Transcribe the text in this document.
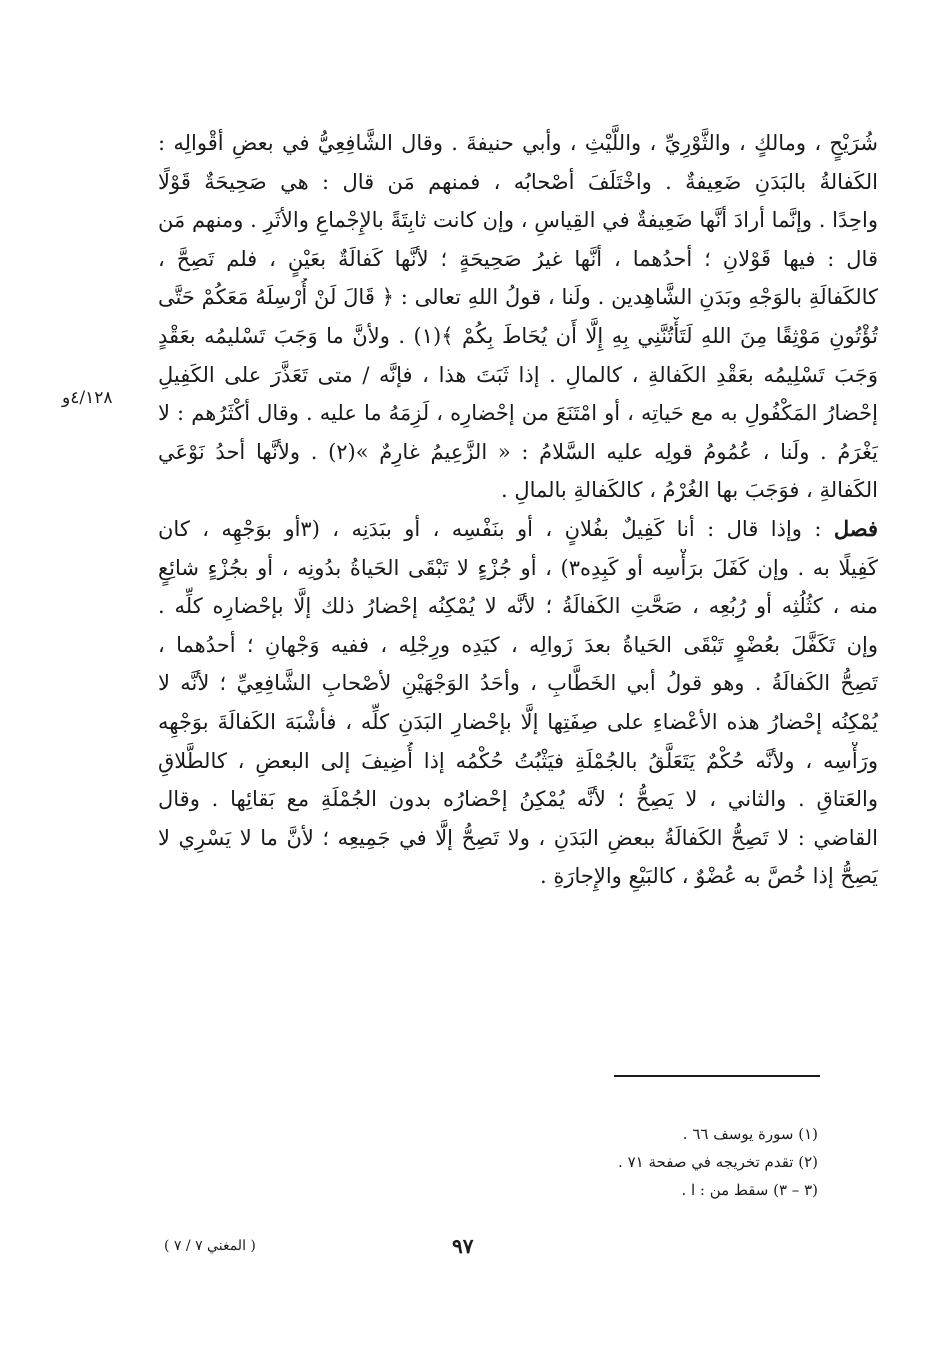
شُرَيْحٍ ، ومالكٍ ، والثَّوْرِيِّ ، واللَّيْثِ ، وأبي حنيفةَ . وقال الشَّافِعِيُّ في بعضِ أقْوالِه :
الكَفالةُ بالبَدَنِ ضَعِيفةٌ . واخْتَلَفَ أصْحابُه ، فمنهم مَن قال : هي صَحِيحَةٌ قَوْلًا
واحِدًا . وإنَّما أرادَ أنَّها ضَعِيفةٌ في القِياسِ ، وإن كانت ثابِتَةً بالإِجْماعِ والأثَرِ . ومنهم مَن
قال : فيها قَوْلانِ ؛ أحدُهما ، أنَّها غيرُ صَحِيحَةٍ ؛ لأنَّها كَفالَةٌ بعَيْنٍ ، فلم تَصِحَّ ،
كالكَفالَةِ بالوَجْهِ وبَدَنِ الشَّاهِدين . ولَنا ، قولُ اللهِ تعالى : ﴿ قَالَ لَنْ أُرْسِلَهُ مَعَكُمْ حَتَّى
تُؤْتُونِ مَوْثِقًا مِنَ اللهِ لَتَأْتُنَّنِي بِهِ إِلَّا أَن يُحَاطَ بِكُمْ ﴾(١) . ولأنَّ ما وَجَبَ تَسْليمُه بعَقْدٍ
وَجَبَ تَسْلِيمُه بعَقْدِ الكَفالةِ ، كالمالِ . إذا ثَبَتَ هذا ، فإنَّه / متى تَعَذَّرَ على الكَفِيلِ
إحْضارُ المَكْفُولِ به مع حَياتِه ، أو امْتَنَعَ من إحْضارِه ، لَزِمَهُ ما عليه . وقال أكْثَرُهم : لا
يَغْرَمُ . ولَنا ، عُمُومُ قولِه عليه السَّلامُ : « الزَّعِيمُ غارِمٌ »(٢) . ولأنَّها أحدُ نَوْعَي
الكَفالةِ ، فوَجَبَ بها الغُرْمُ ، كالكَفالةِ بالمالِ .
فصل : وإذا قال : أنا كَفِيلٌ بفُلانٍ ، أو بنَفْسِه ، أو ببَدَنِه ، (٣أو بوَجْهِه ، كان
كَفِيلًا به . وإن كَفَلَ برَأْسِه أو كَبِدِه٣) ، أو جُزْءٍ لا تَبْقَى الحَياةُ بدُونِه ، أو بجُزْءٍ شائِعٍ
منه ، كثُلُثِه أو رُبُعِه ، صَحَّتِ الكَفالَةُ ؛ لأنَّه لا يُمْكِنُه إحْضارُ ذلك إلَّا بإحْضارِه كلِّه .
وإن تَكَفَّلَ بعُضْوٍ تَبْقَى الحَياةُ بعدَ زَوالِه ، كيَدِه ورِجْلِه ، ففيه وَجْهانِ ؛ أحدُهما ،
تَصِحُّ الكَفالَةُ . وهو قولُ أبي الخَطَّابِ ، وأحَدُ الوَجْهَيْنِ لأصْحابِ الشَّافِعِيِّ ؛ لأنَّه لا
يُمْكِنُه إحْضارُ هذه الأعْضاءِ على صِفَتِها إلَّا بإحْضارِ البَدَنِ كلِّه ، فأشْبَهَ الكَفالَةَ بوَجْهِه
ورَأْسِه ، ولأنَّه حُكْمٌ يَتَعَلَّقُ بالجُمْلَةِ فيَثْبُتُ حُكْمُه إذا أُضِيفَ إلى البعضِ ، كالطَّلاقِ
والعَتاقِ . والثاني ، لا يَصِحُّ ؛ لأنَّه يُمْكِنُ إحْضارُه بدون الجُمْلَةِ مع بَقائِها . وقال
القاضي : لا تَصِحُّ الكَفالَةُ ببعضِ البَدَنِ ، ولا تَصِحُّ إلَّا في جَمِيعِه ؛ لأنَّ ما لا يَسْرِي لا
يَصِحُّ إذا خُصَّ به عُضْوٌ ، كالبَيْعِ والإِجارَةِ .
٤/١٢٨و
(١) سورة يوسف ٦٦ .
(٢) تقدم تخريجه في صفحة ٧١ .
(٣ – ٣) سقط من : ا .
٩٧
( المغني ٧ / ٧ )
